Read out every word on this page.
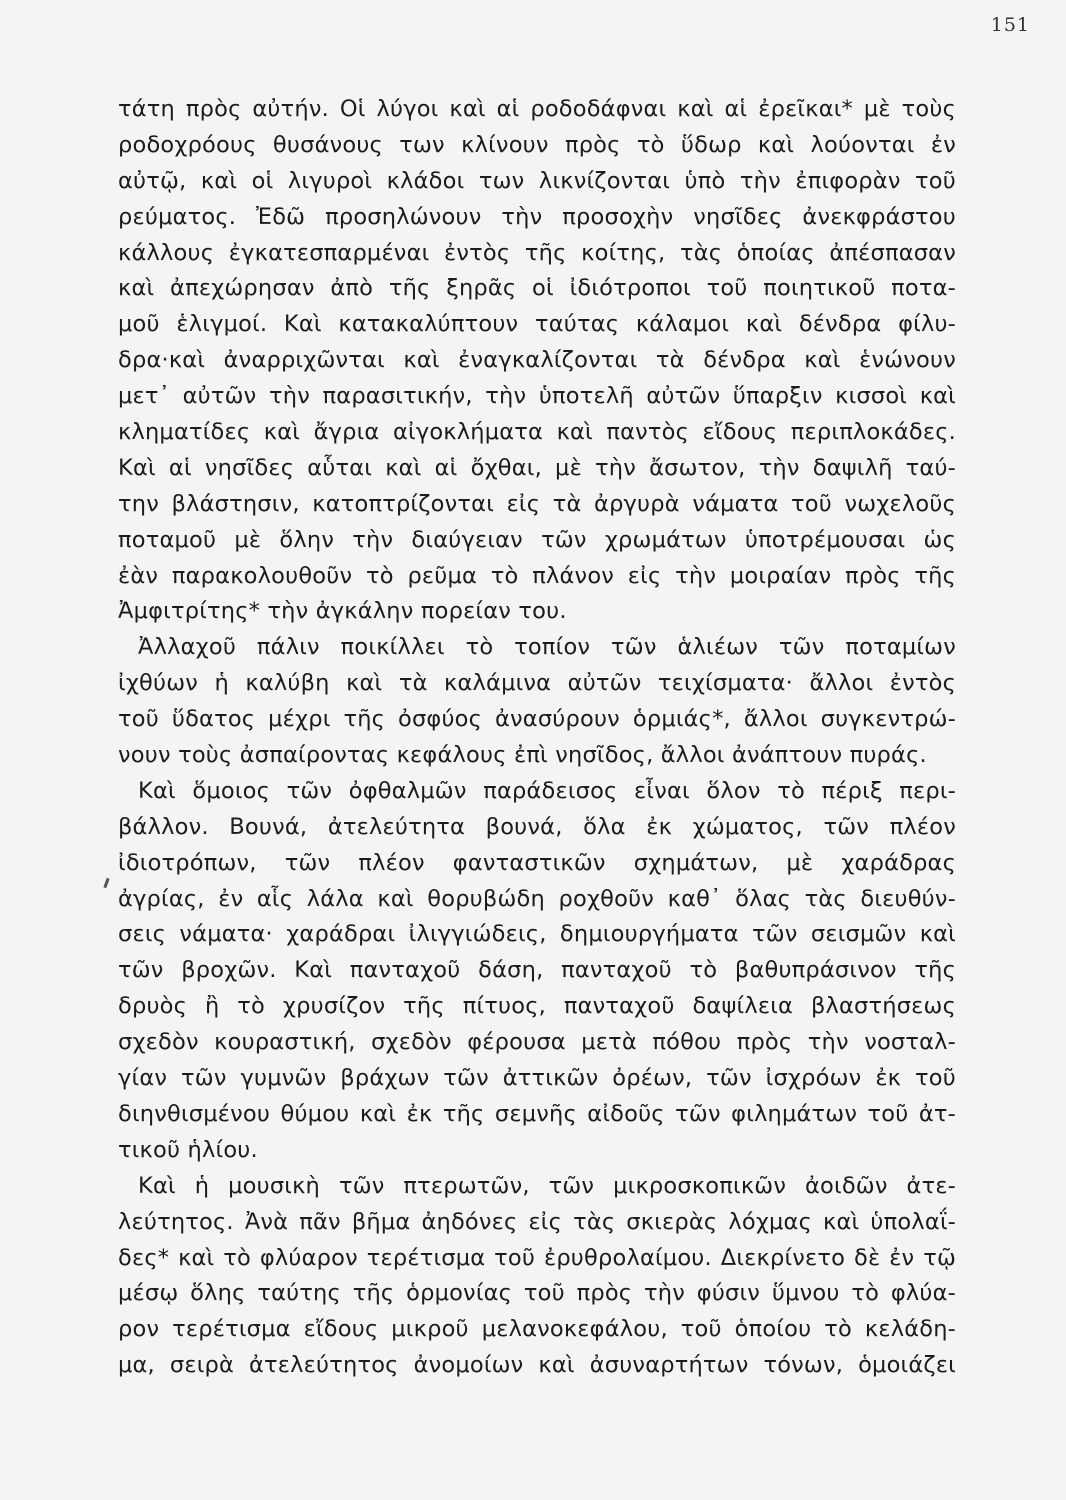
151
τάτη πρὸς αὐτήν. Οἱ λύγοι καὶ αἱ ροδοδάφναι καὶ αἱ ἐρεῖκαι* μὲ τοὺς
ροδοχρόους θυσάνους των κλίνουν πρὸς τὸ ὕδωρ καὶ λούονται ἐν
αὐτῷ, καὶ οἱ λιγυροὶ κλάδοι των λικνίζονται ὑπὸ τὴν ἐπιφορὰν τοῦ
ρεύματος. Ἐδῶ προσηλώνουν τὴν προσοχὴν νησῖδες ἀνεκφράστου
κάλλους ἐγκατεσπαρμέναι ἐντὸς τῆς κοίτης, τὰς ὁποίας ἀπέσπασαν
καὶ ἀπεχώρησαν ἀπὸ τῆς ξηρᾶς οἱ ἰδιότροποι τοῦ ποιητικοῦ ποτα-
μοῦ ἑλιγμοί. Καὶ κατακαλύπτουν ταύτας κάλαμοι καὶ δένδρα φίλυ-
δρα·καὶ ἀναρριχῶνται καὶ ἐναγκαλίζονται τὰ δένδρα καὶ ἑνώνουν
μετ᾽ αὐτῶν τὴν παρασιτικήν, τὴν ὑποτελῆ αὐτῶν ὕπαρξιν κισσοὶ καὶ
κληματίδες καὶ ἄγρια αἰγοκλήματα καὶ παντὸς εἴδους περιπλοκάδες.
Καὶ αἱ νησῖδες αὗται καὶ αἱ ὄχθαι, μὲ τὴν ἄσωτον, τὴν δαψιλῆ ταύ-
την βλάστησιν, κατοπτρίζονται εἰς τὰ ἀργυρὰ νάματα τοῦ νωχελοῦς
ποταμοῦ μὲ ὅλην τὴν διαύγειαν τῶν χρωμάτων ὑποτρέμουσαι ὡς
ἐὰν παρακολουθοῦν τὸ ρεῦμα τὸ πλάνον εἰς τὴν μοιραίαν πρὸς τῆς
Ἀμφιτρίτης* τὴν ἀγκάλην πορείαν του.
Ἀλλαχοῦ πάλιν ποικίλλει τὸ τοπίον τῶν ἁλιέων τῶν ποταμίων
ἰχθύων ἡ καλύβη καὶ τὰ καλάμινα αὐτῶν τειχίσματα· ἄλλοι ἐντὸς
τοῦ ὕδατος μέχρι τῆς ὀσφύος ἀνασύρουν ὁρμιάς*, ἄλλοι συγκεντρώ-
νουν τοὺς ἀσπαίροντας κεφάλους ἐπὶ νησῖδος, ἄλλοι ἀνάπτουν πυράς.
Καὶ ὅμοιος τῶν ὀφθαλμῶν παράδεισος εἶναι ὅλον τὸ πέριξ περι-
βάλλον. Βουνά, ἀτελεύτητα βουνά, ὅλα ἐκ χώματος, τῶν πλέον
ἰδιοτρόπων, τῶν πλέον φανταστικῶν σχημάτων, μὲ χαράδρας
ἀγρίας, ἐν αἷς λάλα καὶ θορυβώδη ροχθοῦν καθ᾽ ὅλας τὰς διευθύν-
σεις νάματα· χαράδραι ἰλιγγιώδεις, δημιουργήματα τῶν σεισμῶν καὶ
τῶν βροχῶν. Καὶ πανταχοῦ δάση, πανταχοῦ τὸ βαθυπράσινον τῆς
δρυὸς ἢ τὸ χρυσίζον τῆς πίτυος, πανταχοῦ δαψίλεια βλαστήσεως
σχεδὸν κουραστική, σχεδὸν φέρουσα μετὰ πόθου πρὸς τὴν νοσταλ-
γίαν τῶν γυμνῶν βράχων τῶν ἀττικῶν ὀρέων, τῶν ἰσχρόων ἐκ τοῦ
διηνθισμένου θύμου καὶ ἐκ τῆς σεμνῆς αἰδοῦς τῶν φιλημάτων τοῦ ἀτ-
τικοῦ ἡλίου.
Καὶ ἡ μουσικὴ τῶν πτερωτῶν, τῶν μικροσκοπικῶν ἀοιδῶν ἀτε-
λεύτητος. Ἀνὰ πᾶν βῆμα ἀηδόνες εἰς τὰς σκιερὰς λόχμας καὶ ὑπολαΐ-
δες* καὶ τὸ φλύαρον τερέτισμα τοῦ ἐρυθρολαίμου. Διεκρίνετο δὲ ἐν τῷ
μέσῳ ὅλης ταύτης τῆς ὁρμονίας τοῦ πρὸς τὴν φύσιν ὕμνου τὸ φλύα-
ρον τερέτισμα εἴδους μικροῦ μελανοκεφάλου, τοῦ ὁποίου τὸ κελάδη-
μα, σειρὰ ἀτελεύτητος ἀνομοίων καὶ ἀσυναρτήτων τόνων, ὁμοιάζει
